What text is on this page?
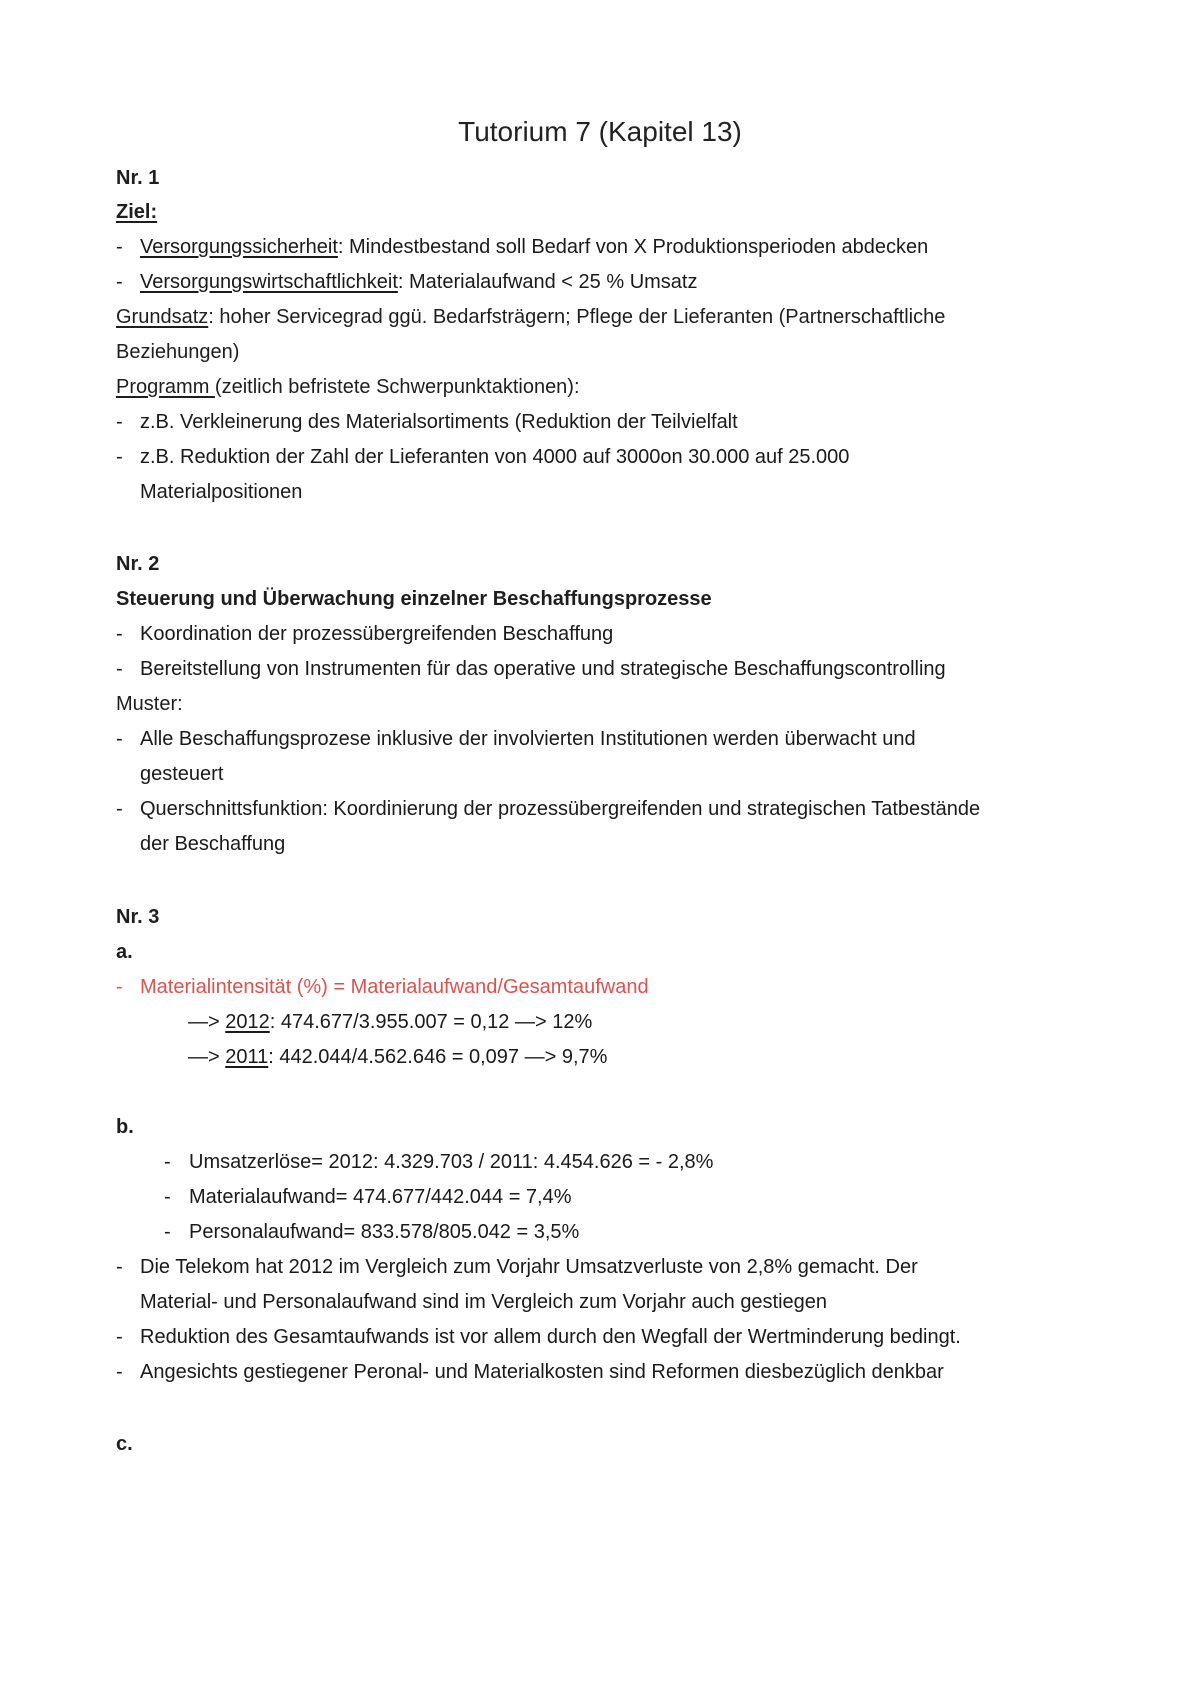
Tutorium 7 (Kapitel 13)
Nr. 1
Ziel:
- Versorgungssicherheit: Mindestbestand soll Bedarf von X Produktionsperioden abdecken
- Versorgungswirtschaftlichkeit: Materialaufwand < 25 % Umsatz
Grundsatz: hoher Servicegrad ggü. Bedarfsträgern; Pflege der Lieferanten (Partnerschaftliche
Beziehungen)
Programm (zeitlich befristete Schwerpunktaktionen):
- z.B. Verkleinerung des Materialsortiments (Reduktion der Teilvielfalt
- z.B. Reduktion der Zahl der Lieferanten von 4000 auf 3000on 30.000 auf 25.000
Materialpositionen
Nr. 2
Steuerung und Überwachung einzelner Beschaffungsprozesse
- Koordination der prozessübergreifenden Beschaffung
- Bereitstellung von Instrumenten für das operative und strategische Beschaffungscontrolling
Muster:
- Alle Beschaffungsprozese inklusive der involvierten Institutionen werden überwacht und
gesteuert
- Querschnittsfunktion: Koordinierung der prozessübergreifenden und strategischen Tatbestände
der Beschaffung
Nr. 3
a.
- Materialintensität (%) = Materialaufwand/Gesamtaufwand
—> 2012: 474.677/3.955.007 = 0,12 —> 12%
—> 2011: 442.044/4.562.646 = 0,097 —> 9,7%
b.
- Umsatzerlöse= 2012: 4.329.703 / 2011: 4.454.626 = - 2,8%
- Materialaufwand= 474.677/442.044 = 7,4%
- Personalaufwand= 833.578/805.042 = 3,5%
- Die Telekom hat 2012 im Vergleich zum Vorjahr Umsatzverluste von 2,8% gemacht. Der
Material- und Personalaufwand sind im Vergleich zum Vorjahr auch gestiegen
- Reduktion des Gesamtaufwands ist vor allem durch den Wegfall der Wertminderung bedingt.
- Angesichts gestiegener Peronal- und Materialkosten sind Reformen diesbezüglich denkbar
c.
